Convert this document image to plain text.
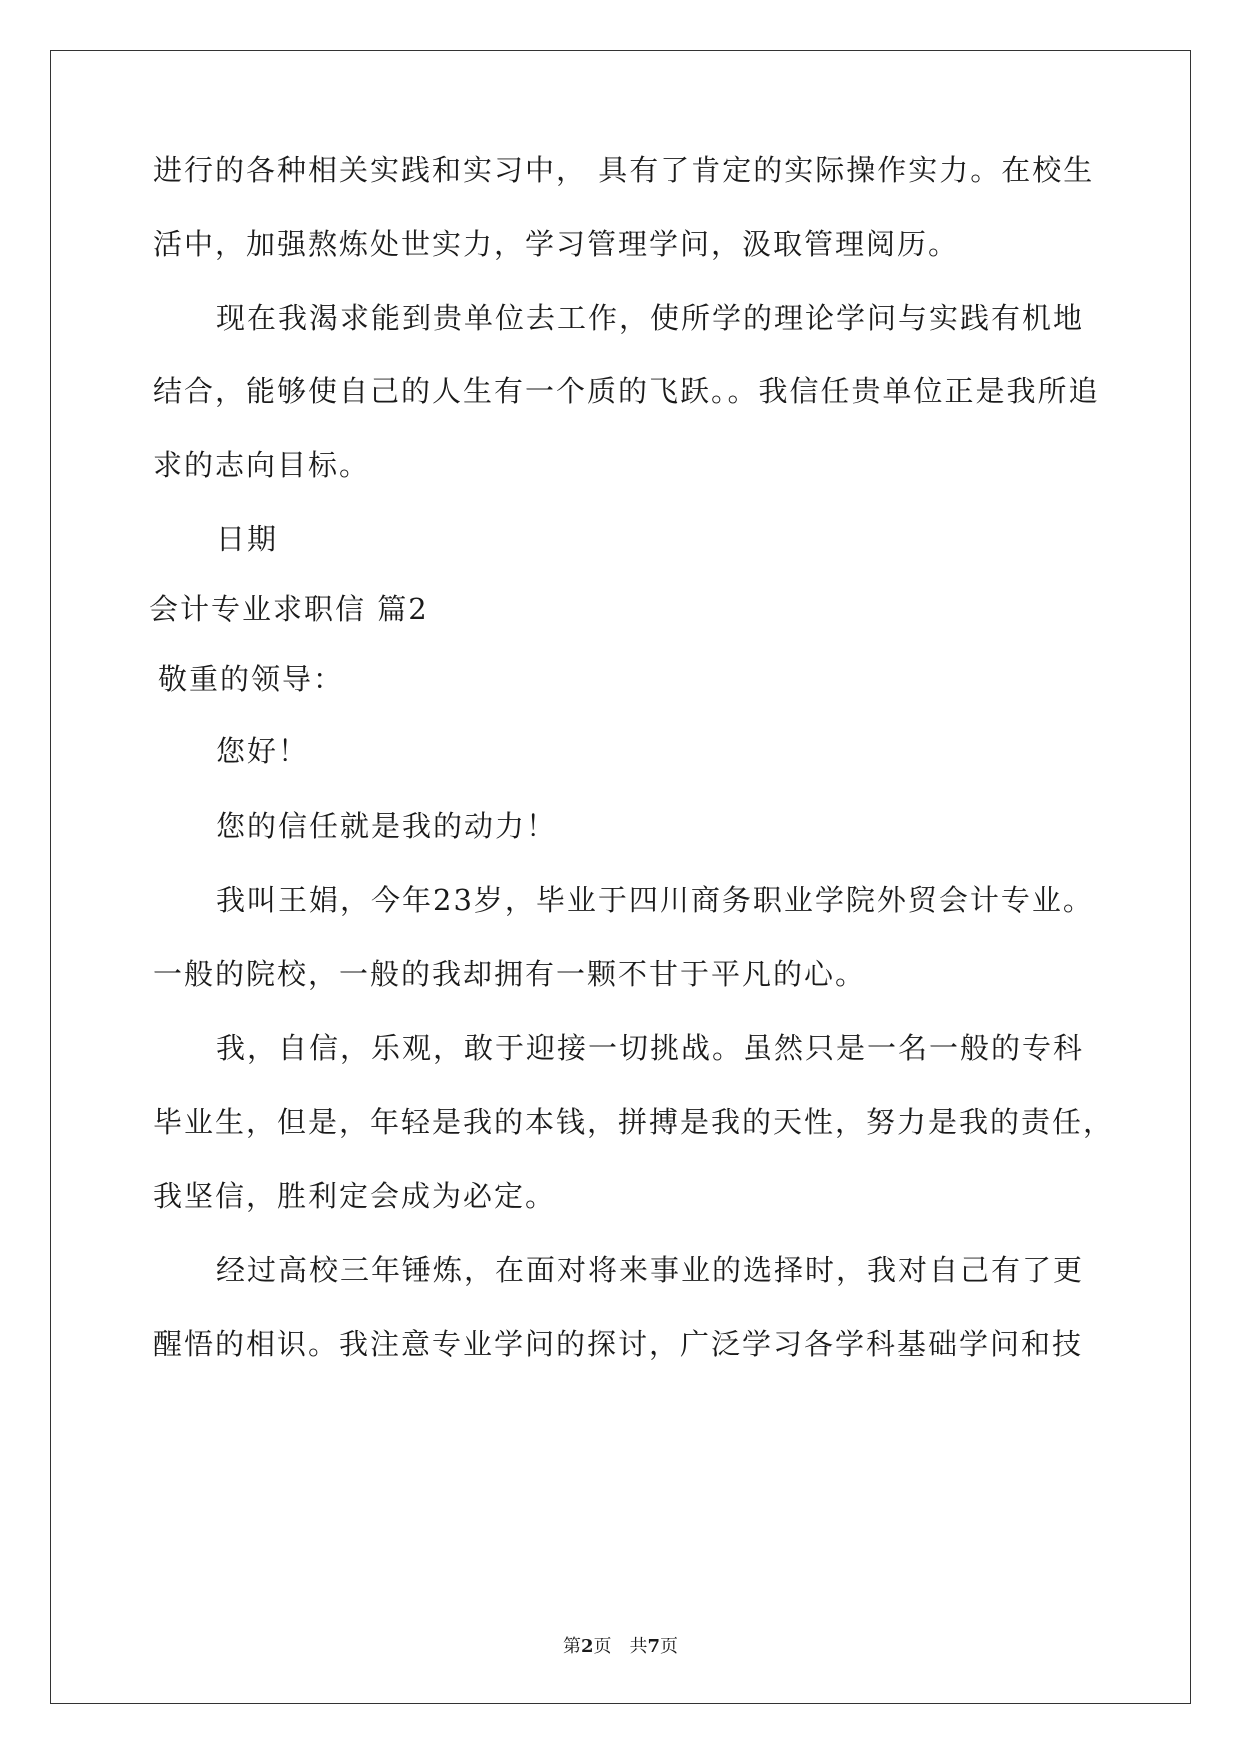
进行的各种相关实践和实习中， 具有了肯定的实际操作实力。在校生
活中，加强熬炼处世实力，学习管理学问，汲取管理阅历。
现在我渴求能到贵单位去工作，使所学的理论学问与实践有机地
结合，能够使自己的人生有一个质的飞跃。。我信任贵单位正是我所追
求的志向目标。
日期
会计专业求职信 篇2
敬重的领导：
您好！
您的信任就是我的动力！
我叫王娟，今年23岁，毕业于四川商务职业学院外贸会计专业。
一般的院校，一般的我却拥有一颗不甘于平凡的心。
我，自信，乐观，敢于迎接一切挑战。虽然只是一名一般的专科
毕业生，但是，年轻是我的本钱，拼搏是我的天性，努力是我的责任，
我坚信，胜利定会成为必定。
经过高校三年锤炼，在面对将来事业的选择时，我对自己有了更
醒悟的相识。我注意专业学问的探讨，广泛学习各学科基础学问和技
第2页 共7页
